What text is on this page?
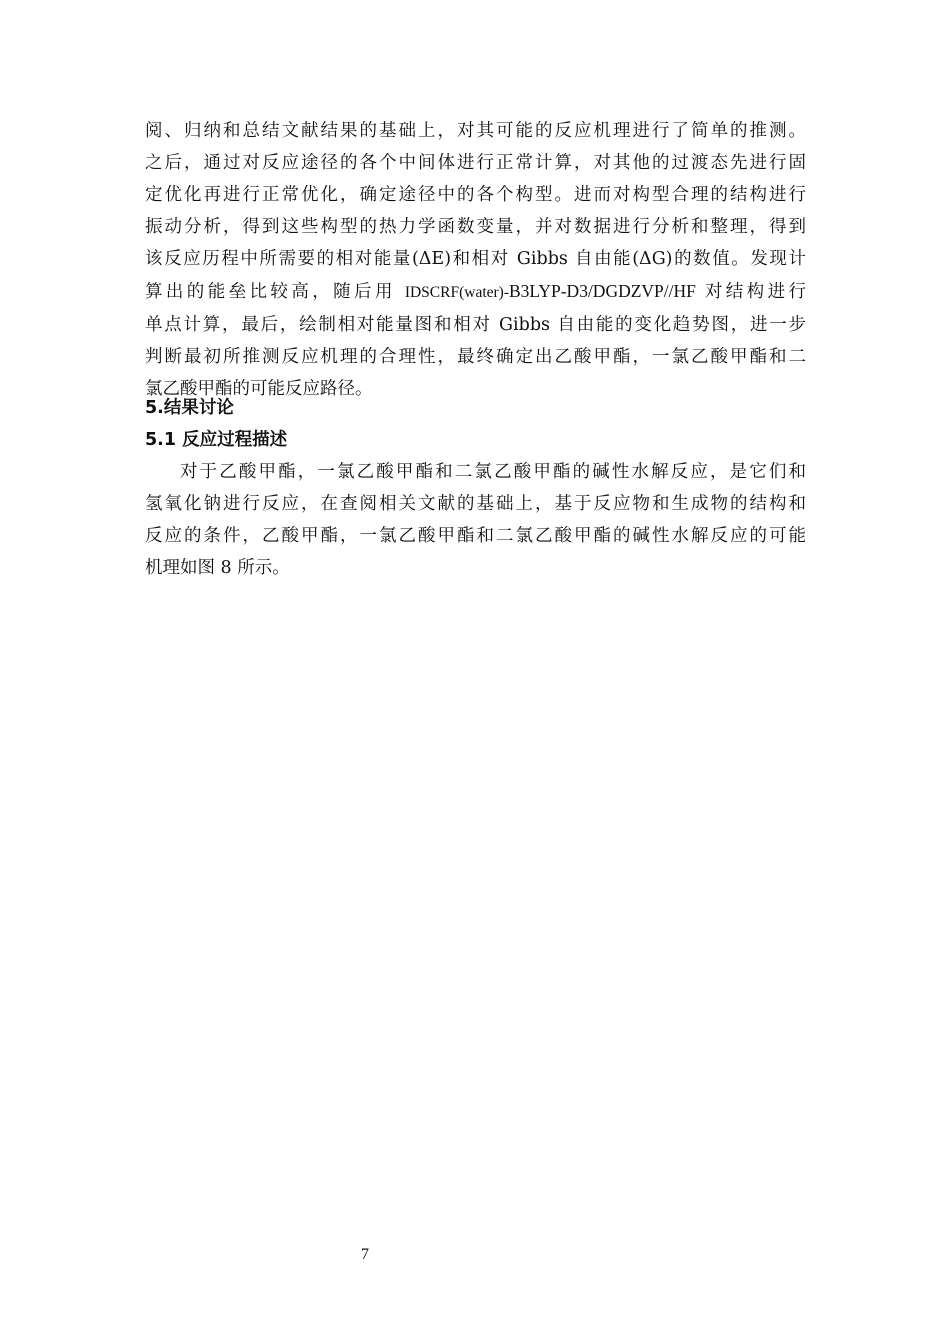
阅、归纳和总结文献结果的基础上，对其可能的反应机理进行了简单的推测。
之后，通过对反应途径的各个中间体进行正常计算，对其他的过渡态先进行固
定优化再进行正常优化，确定途径中的各个构型。进而对构型合理的结构进行
振动分析，得到这些构型的热力学函数变量，并对数据进行分析和整理，得到
该反应历程中所需要的相对能量(ΔE)和相对 Gibbs 自由能(ΔG)的数值。发现计
算出的能垒比较高，随后用 IDSCRF(water)-B3LYP-D3/DGDZVP//HF 对结构进行
单点计算，最后，绘制相对能量图和相对 Gibbs 自由能的变化趋势图，进一步
判断最初所推测反应机理的合理性，最终确定出乙酸甲酯，一氯乙酸甲酯和二
氯乙酸甲酯的可能反应路径。
5.结果讨论
5.1 反应过程描述
对于乙酸甲酯，一氯乙酸甲酯和二氯乙酸甲酯的碱性水解反应，是它们和
氢氧化钠进行反应，在查阅相关文献的基础上，基于反应物和生成物的结构和
反应的条件，乙酸甲酯，一氯乙酸甲酯和二氯乙酸甲酯的碱性水解反应的可能
机理如图 8 所示。
7
